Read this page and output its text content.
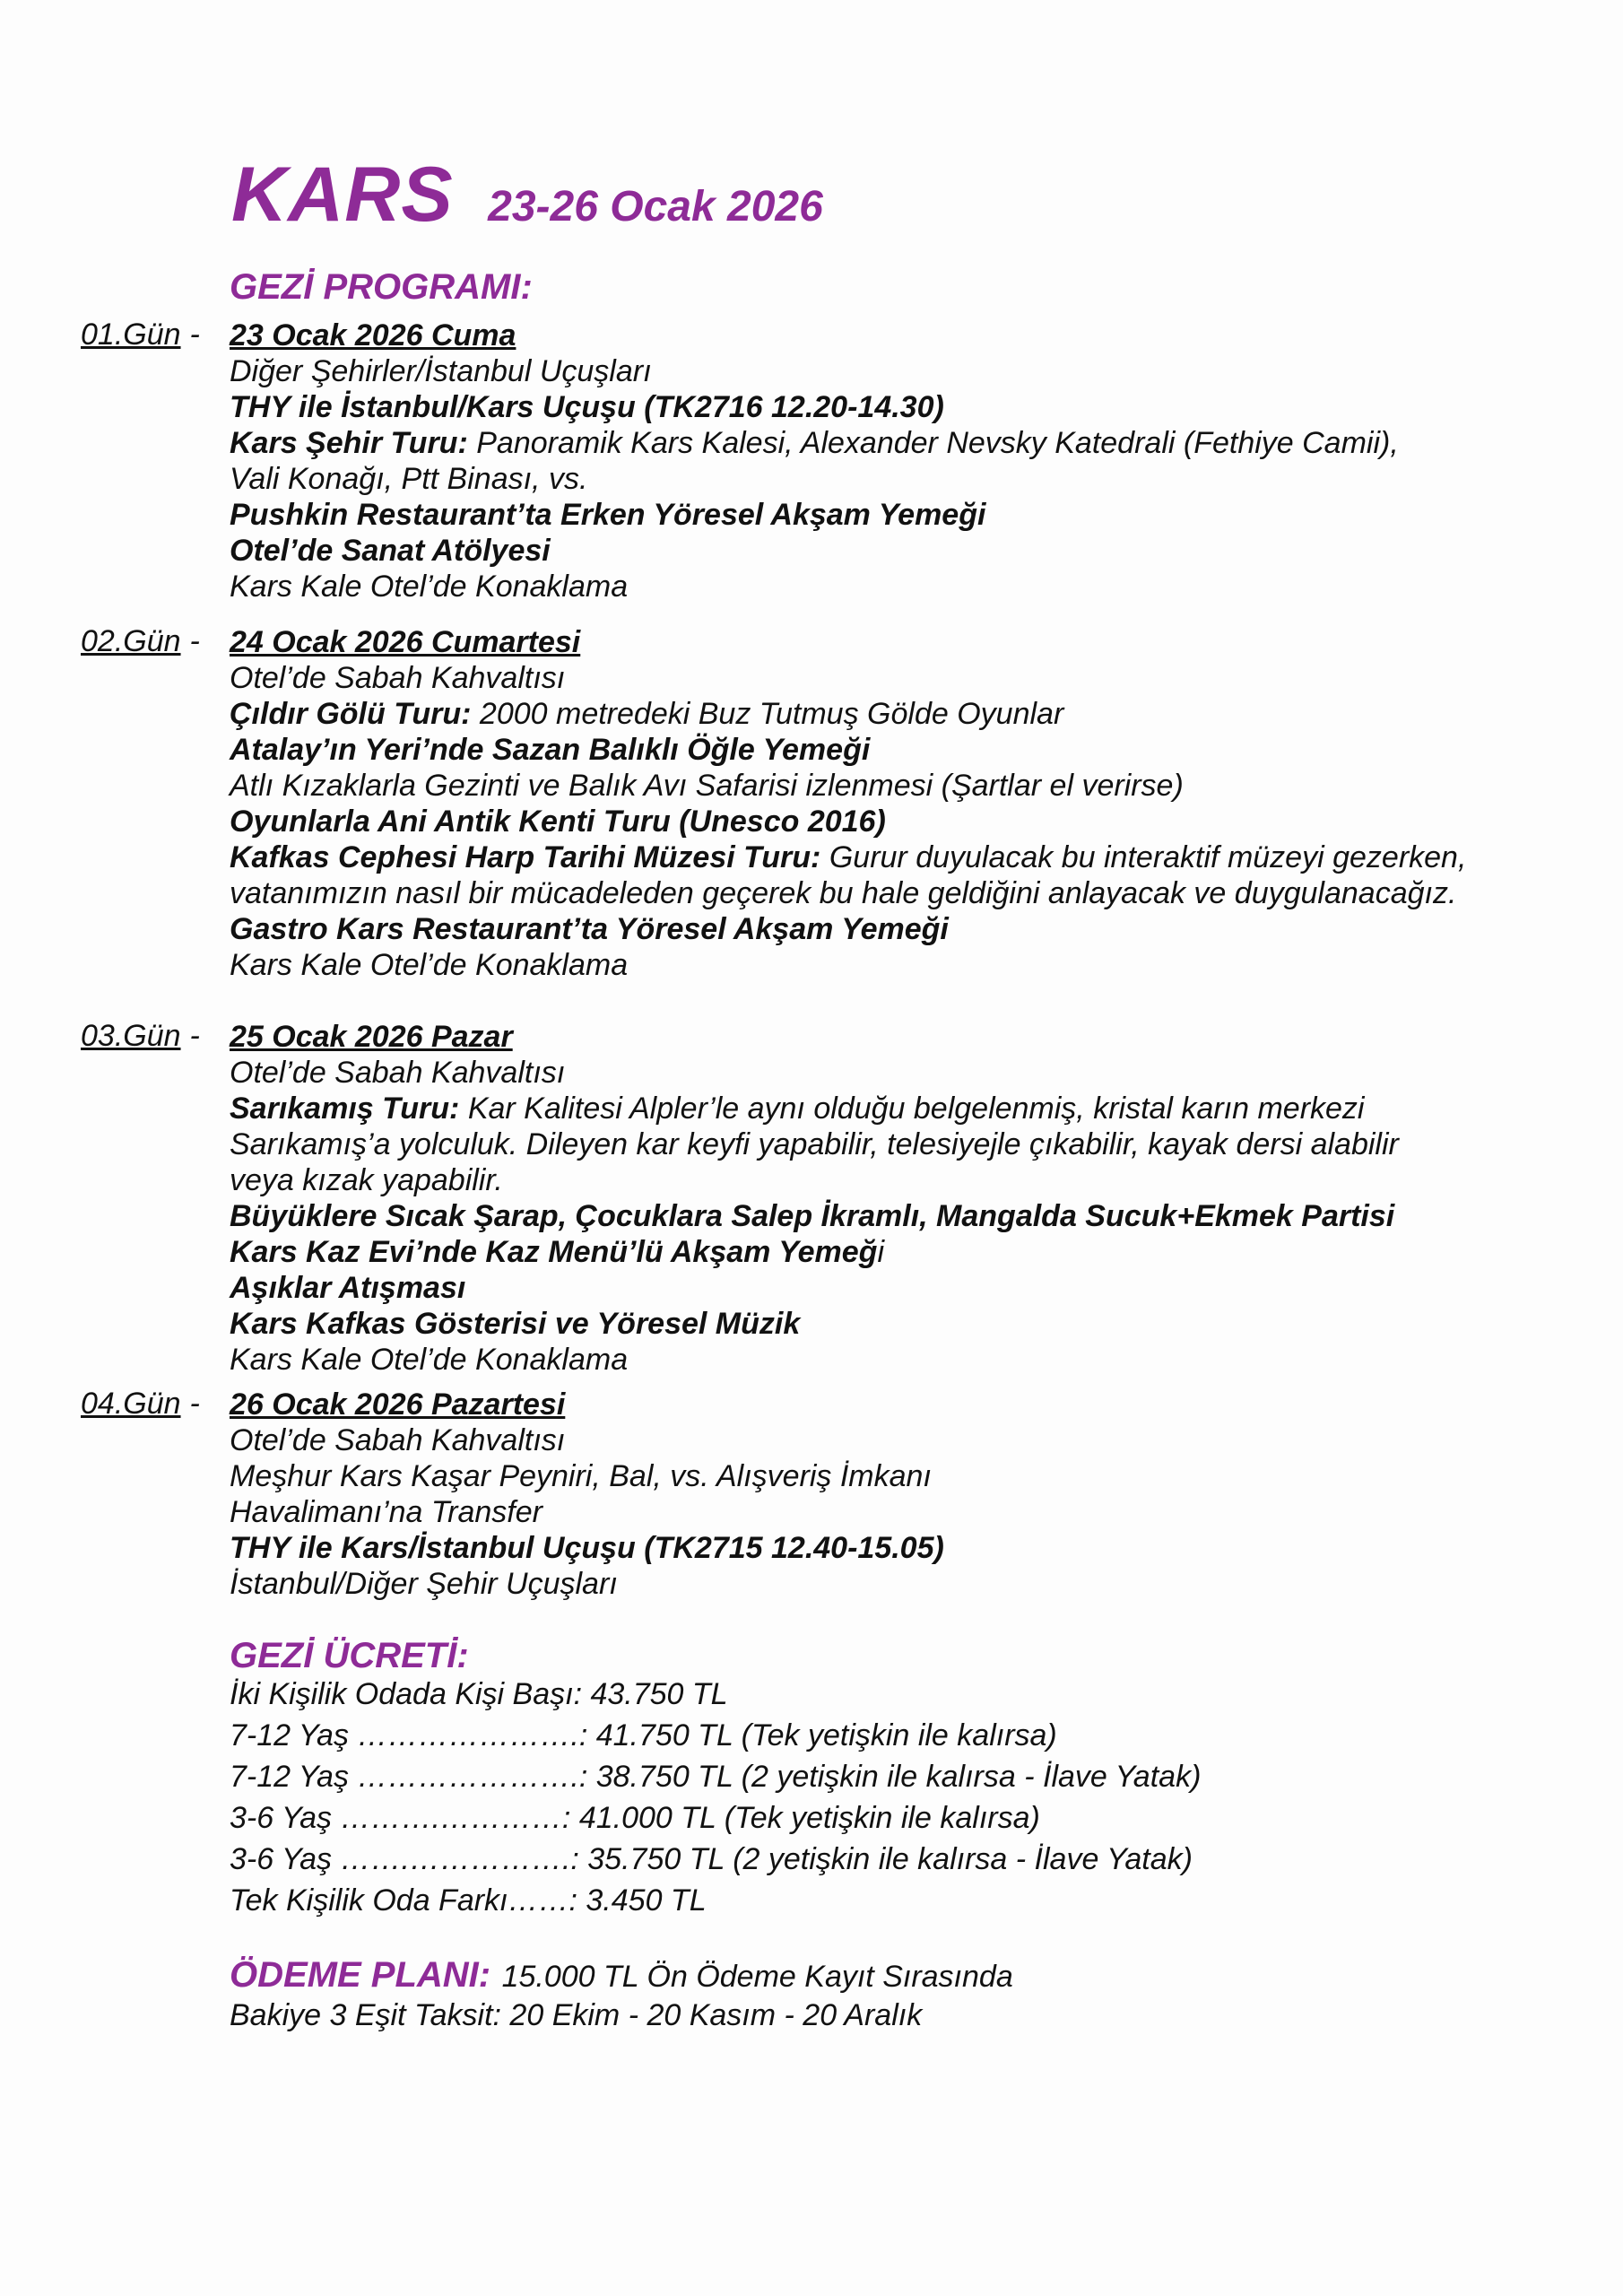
KARS 23-26 Ocak 2026
GEZİ PROGRAMI:
01.Gün - 23 Ocak 2026 Cuma
Diğer Şehirler/İstanbul Uçuşları
THY ile İstanbul/Kars Uçuşu (TK2716 12.20-14.30)
Kars Şehir Turu: Panoramik Kars Kalesi, Alexander Nevsky Katedrali (Fethiye Camii),
Vali Konağı, Ptt Binası, vs.
Pushkin Restaurant’ta Erken Yöresel Akşam Yemeği
Otel’de Sanat Atölyesi
Kars Kale Otel’de Konaklama
02.Gün - 24 Ocak 2026 Cumartesi
Otel’de Sabah Kahvaltısı
Çıldır Gölü Turu: 2000 metredeki Buz Tutmuş Gölde Oyunlar
Atalay’ın Yeri’nde Sazan Balıklı Öğle Yemeği
Atlı Kızaklarla Gezinti ve Balık Avı Safarisi izlenmesi (Şartlar el verirse)
Oyunlarla Ani Antik Kenti Turu (Unesco 2016)
Kafkas Cephesi Harp Tarihi Müzesi Turu: Gurur duyulacak bu interaktif müzeyi gezerken,
vatanımızın nasıl bir mücadeleden geçerek bu hale geldiğini anlayacak ve duygulanacağız.
Gastro Kars Restaurant’ta Yöresel Akşam Yemeği
Kars Kale Otel’de Konaklama
03.Gün - 25 Ocak 2026 Pazar
Otel’de Sabah Kahvaltısı
Sarıkamış Turu: Kar Kalitesi Alpler’le aynı olduğu belgelenmiş, kristal karın merkezi
Sarıkamış’a yolculuk. Dileyen kar keyfi yapabilir, telesiyejle çıkabilir, kayak dersi alabilir
veya kızak yapabilir.
Büyüklere Sıcak Şarap, Çocuklara Salep İkramlı, Mangalda Sucuk+Ekmek Partisi
Kars Kaz Evi’nde Kaz Menü’lü Akşam Yemeği
Aşıklar Atışması
Kars Kafkas Gösterisi ve Yöresel Müzik
Kars Kale Otel’de Konaklama
04.Gün - 26 Ocak 2026 Pazartesi
Otel’de Sabah Kahvaltısı
Meşhur Kars Kaşar Peyniri, Bal, vs. Alışveriş İmkanı
Havalimanı’na Transfer
THY ile Kars/İstanbul Uçuşu (TK2715 12.40-15.05)
İstanbul/Diğer Şehir Uçuşları
GEZİ ÜCRETİ:
İki Kişilik Odada Kişi Başı: 43.750 TL
7-12 Yaş ………………….: 41.750 TL (Tek yetişkin ile kalırsa)
7-12 Yaş ………………….: 38.750 TL (2 yetişkin ile kalırsa - İlave Yatak)
3-6 Yaş ……….…………: 41.000 TL (Tek yetişkin ile kalırsa)
3-6 Yaş …….…………….: 35.750 TL (2 yetişkin ile kalırsa - İlave Yatak)
Tek Kişilik Oda Farkı……: 3.450 TL
ÖDEME PLANI: 15.000 TL Ön Ödeme Kayıt Sırasında
Bakiye 3 Eşit Taksit: 20 Ekim - 20 Kasım - 20 Aralık
